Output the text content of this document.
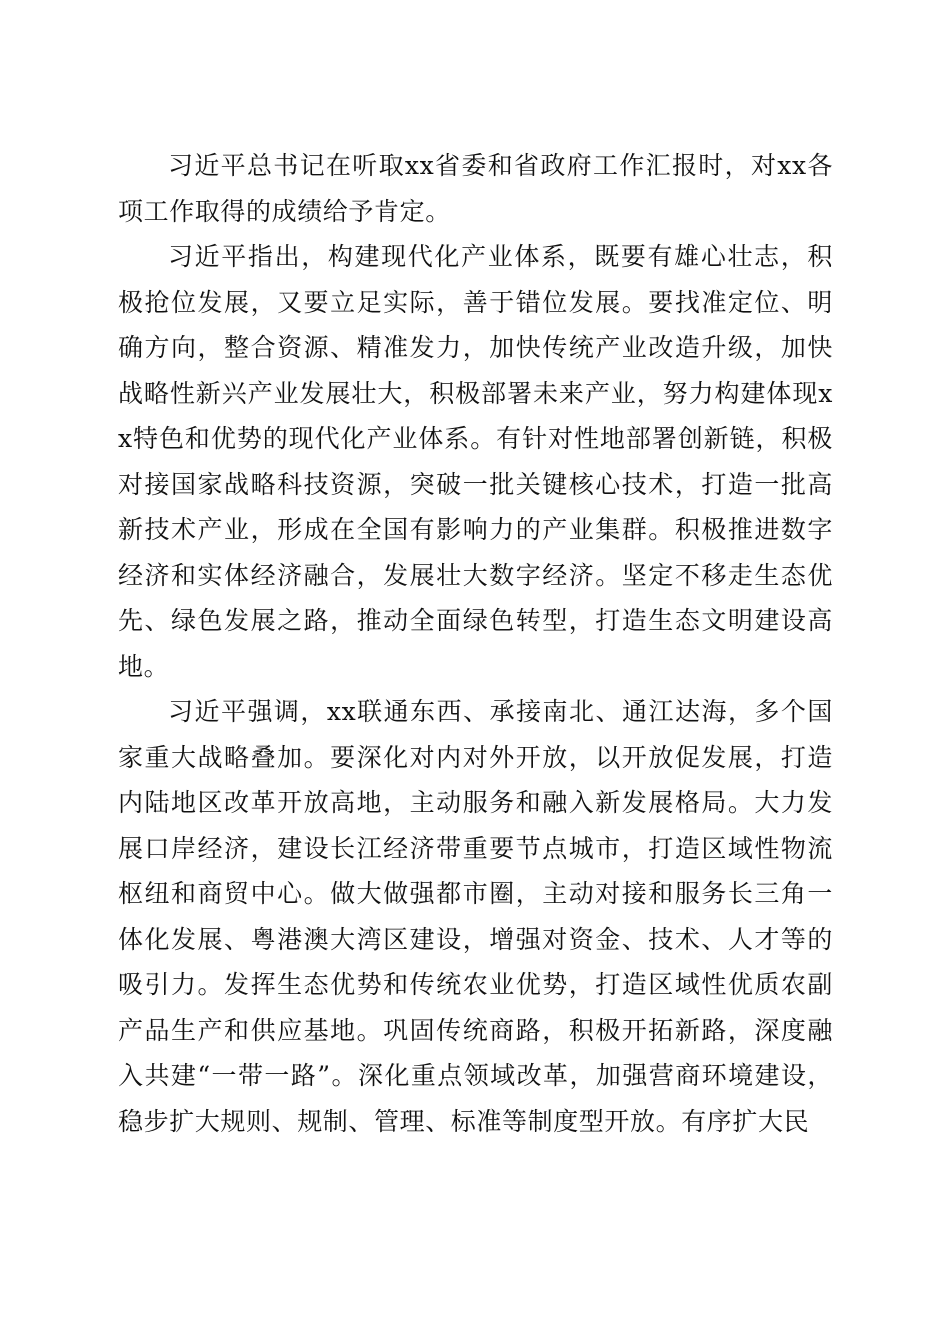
习近平总书记在听取xx省委和省政府工作汇报时，对xx各项工作取得的成绩给予肯定。

习近平指出，构建现代化产业体系，既要有雄心壮志，积极抢位发展，又要立足实际，善于错位发展。要找准定位、明确方向，整合资源、精准发力，加快传统产业改造升级，加快战略性新兴产业发展壮大，积极部署未来产业，努力构建体现xx特色和优势的现代化产业体系。有针对性地部署创新链，积极对接国家战略科技资源，突破一批关键核心技术，打造一批高新技术产业，形成在全国有影响力的产业集群。积极推进数字经济和实体经济融合，发展壮大数字经济。坚定不移走生态优先、绿色发展之路，推动全面绿色转型，打造生态文明建设高地。

习近平强调，xx联通东西、承接南北、通江达海，多个国家重大战略叠加。要深化对内对外开放，以开放促发展，打造内陆地区改革开放高地，主动服务和融入新发展格局。大力发展口岸经济，建设长江经济带重要节点城市，打造区域性物流枢纽和商贸中心。做大做强都市圈，主动对接和服务长三角一体化发展、粤港澳大湾区建设，增强对资金、技术、人才等的吸引力。发挥生态优势和传统农业优势，打造区域性优质农副产品生产和供应基地。巩固传统商路，积极开拓新路，深度融入共建“一带一路”。深化重点领域改革，加强营商环境建设，稳步扩大规则、规制、管理、标准等制度型开放。有序扩大民
